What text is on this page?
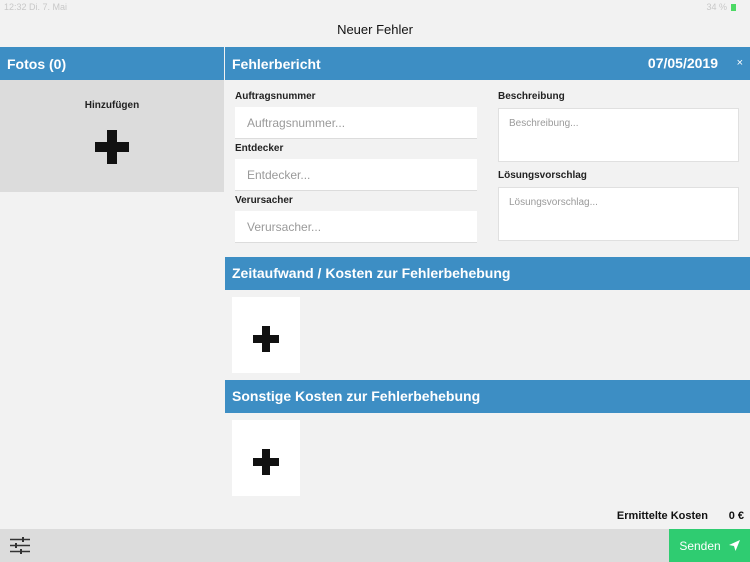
12:32 Di. 7. Mai	34 %
Neuer Fehler
Fotos (0)	Fehlerbericht	07/05/2019 ×
Hinzufügen
Auftragsnummer
Auftragsnummer...
Entdecker
Entdecker...
Verursacher
Verursacher...
Beschreibung
Beschreibung...
Lösungsvorschlag
Lösungsvorschlag...
Zeitaufwand / Kosten zur Fehlerbehebung
Sonstige Kosten zur Fehlerbehebung
Ermittelte Kosten 0 €
Senden
